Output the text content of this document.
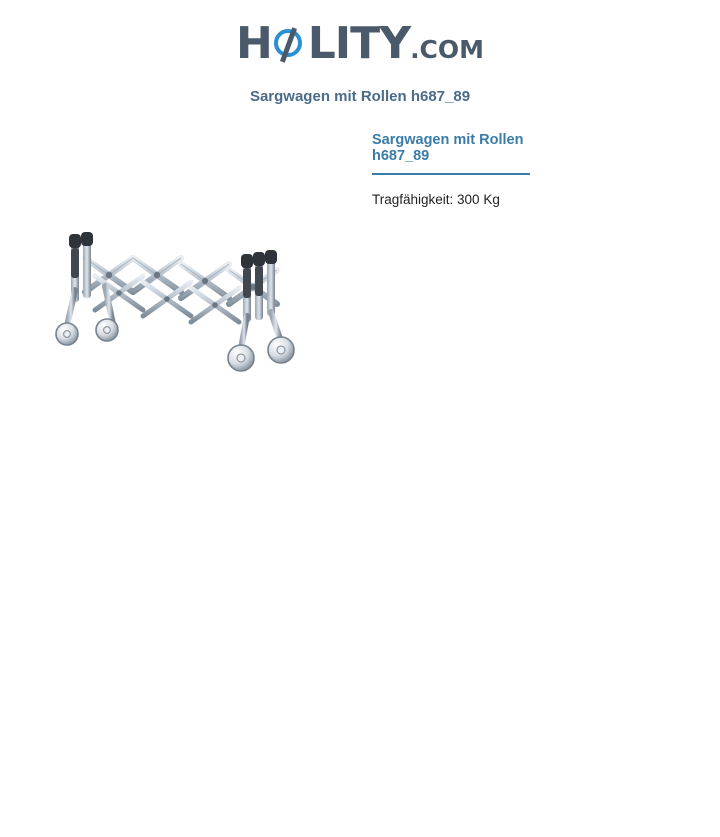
H LITY.COM
Sargwagen mit Rollen h687_89
Sargwagen mit Rollen h687_89
Tragfähigkeit: 300 Kg
